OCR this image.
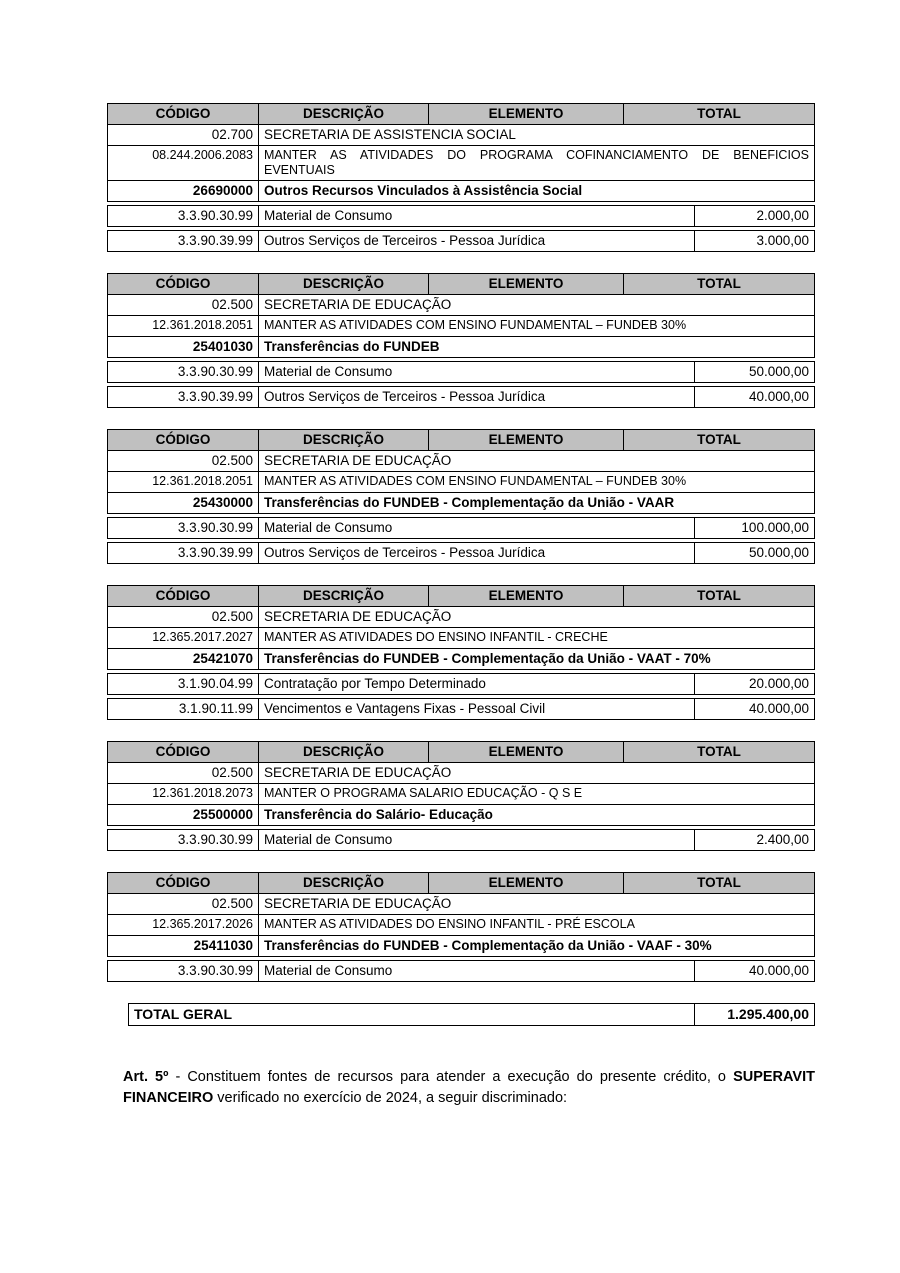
CÓDIGO	DESCRIÇÃO	ELEMENTO	TOTAL
02.700 SECRETARIA DE ASSISTENCIA SOCIAL
08.244.2006.2083 MANTER AS ATIVIDADES DO PROGRAMA COFINANCIAMENTO DE BENEFICIOS EVENTUAIS
26690000 Outros Recursos Vinculados à Assistência Social
3.3.90.30.99 Material de Consumo	2.000,00
3.3.90.39.99 Outros Serviços de Terceiros - Pessoa Jurídica	3.000,00
CÓDIGO	DESCRIÇÃO	ELEMENTO	TOTAL
02.500 SECRETARIA DE EDUCAÇÃO
12.361.2018.2051 MANTER AS ATIVIDADES COM ENSINO FUNDAMENTAL – FUNDEB 30%
25401030 Transferências do FUNDEB
3.3.90.30.99 Material de Consumo	50.000,00
3.3.90.39.99 Outros Serviços de Terceiros - Pessoa Jurídica	40.000,00
CÓDIGO	DESCRIÇÃO	ELEMENTO	TOTAL
02.500 SECRETARIA DE EDUCAÇÃO
12.361.2018.2051 MANTER AS ATIVIDADES COM ENSINO FUNDAMENTAL – FUNDEB 30%
25430000 Transferências do FUNDEB - Complementação da União - VAAR
3.3.90.30.99 Material de Consumo	100.000,00
3.3.90.39.99 Outros Serviços de Terceiros - Pessoa Jurídica	50.000,00
CÓDIGO	DESCRIÇÃO	ELEMENTO	TOTAL
02.500 SECRETARIA DE EDUCAÇÃO
12.365.2017.2027 MANTER AS ATIVIDADES DO ENSINO INFANTIL - CRECHE
25421070 Transferências do FUNDEB - Complementação da União - VAAT - 70%
3.1.90.04.99 Contratação por Tempo Determinado	20.000,00
3.1.90.11.99 Vencimentos e Vantagens Fixas - Pessoal Civil	40.000,00
CÓDIGO	DESCRIÇÃO	ELEMENTO	TOTAL
02.500 SECRETARIA DE EDUCAÇÃO
12.361.2018.2073 MANTER O PROGRAMA SALARIO EDUCAÇÃO - Q S E
25500000 Transferência do Salário- Educação
3.3.90.30.99 Material de Consumo	2.400,00
CÓDIGO	DESCRIÇÃO	ELEMENTO	TOTAL
02.500 SECRETARIA DE EDUCAÇÃO
12.365.2017.2026 MANTER AS ATIVIDADES DO ENSINO INFANTIL - PRÉ ESCOLA
25411030 Transferências do FUNDEB - Complementação da União - VAAF - 30%
3.3.90.30.99 Material de Consumo	40.000,00
TOTAL GERAL	1.295.400,00

Art. 5º - Constituem fontes de recursos para atender a execução do presente crédito, o SUPERAVIT FINANCEIRO verificado no exercício de 2024, a seguir discriminado:
